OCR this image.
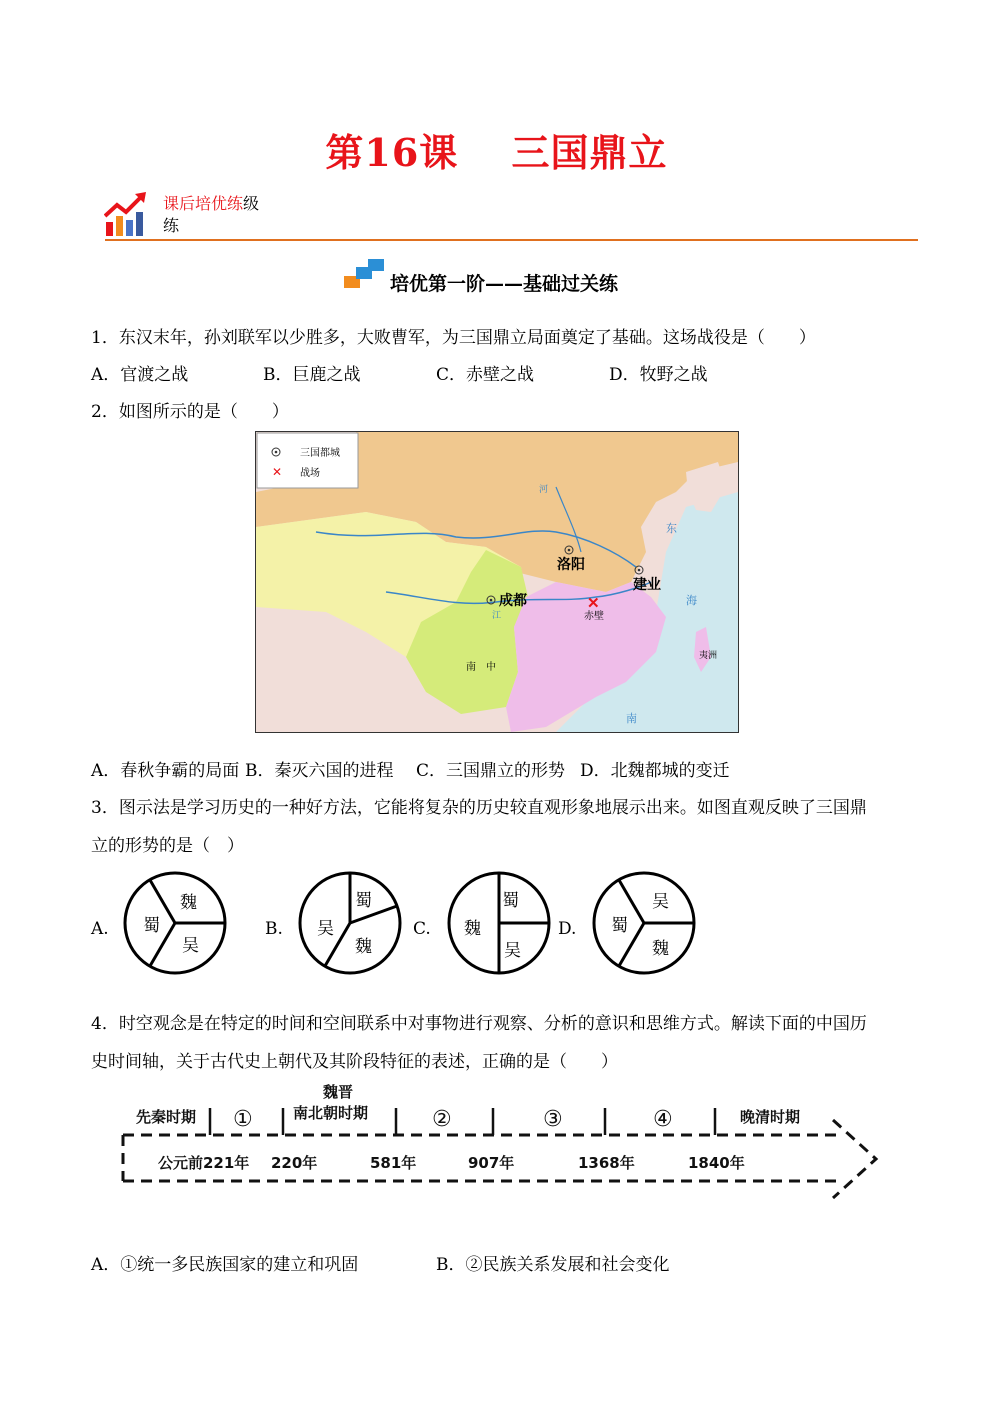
第16课　 三国鼎立
课后培优练级
练
培优第一阶——基础过关练
1．东汉末年，孙刘联军以少胜多，大败曹军，为三国鼎立局面奠定了基础。这场战役是（　　）
A．官渡之战	B．巨鹿之战	C．赤壁之战	D．牧野之战
2．如图所示的是（　　）
✕
三国都城
战场
洛阳
建业
成都	✕
赤壁
南　中
夷洲
河
江
东
海
南
A．春秋争霸的局面 B．秦灭六国的进程 C．三国鼎立的形势 D．北魏都城的变迁
3．图示法是学习历史的一种好方法，它能将复杂的历史较直观形象地展示出来。如图直观反映了三国鼎
立的形势的是（　）
A.
魏
蜀
吴
B.
蜀
吴
魏
C.
蜀
魏
吴
D.
吴
蜀
魏
4．时空观念是在特定的时间和空间联系中对事物进行观察、分析的意识和思维方式。解读下面的中国历
史时间轴，关于古代史上朝代及其阶段特征的表述，正确的是（　　）
先秦时期 ①
魏晋
南北朝时期	②	③	④	晚清时期
公元前221年 220年	581年	907年	1368年	1840年
A．①统一多民族国家的建立和巩固	B．②民族关系发展和社会变化
